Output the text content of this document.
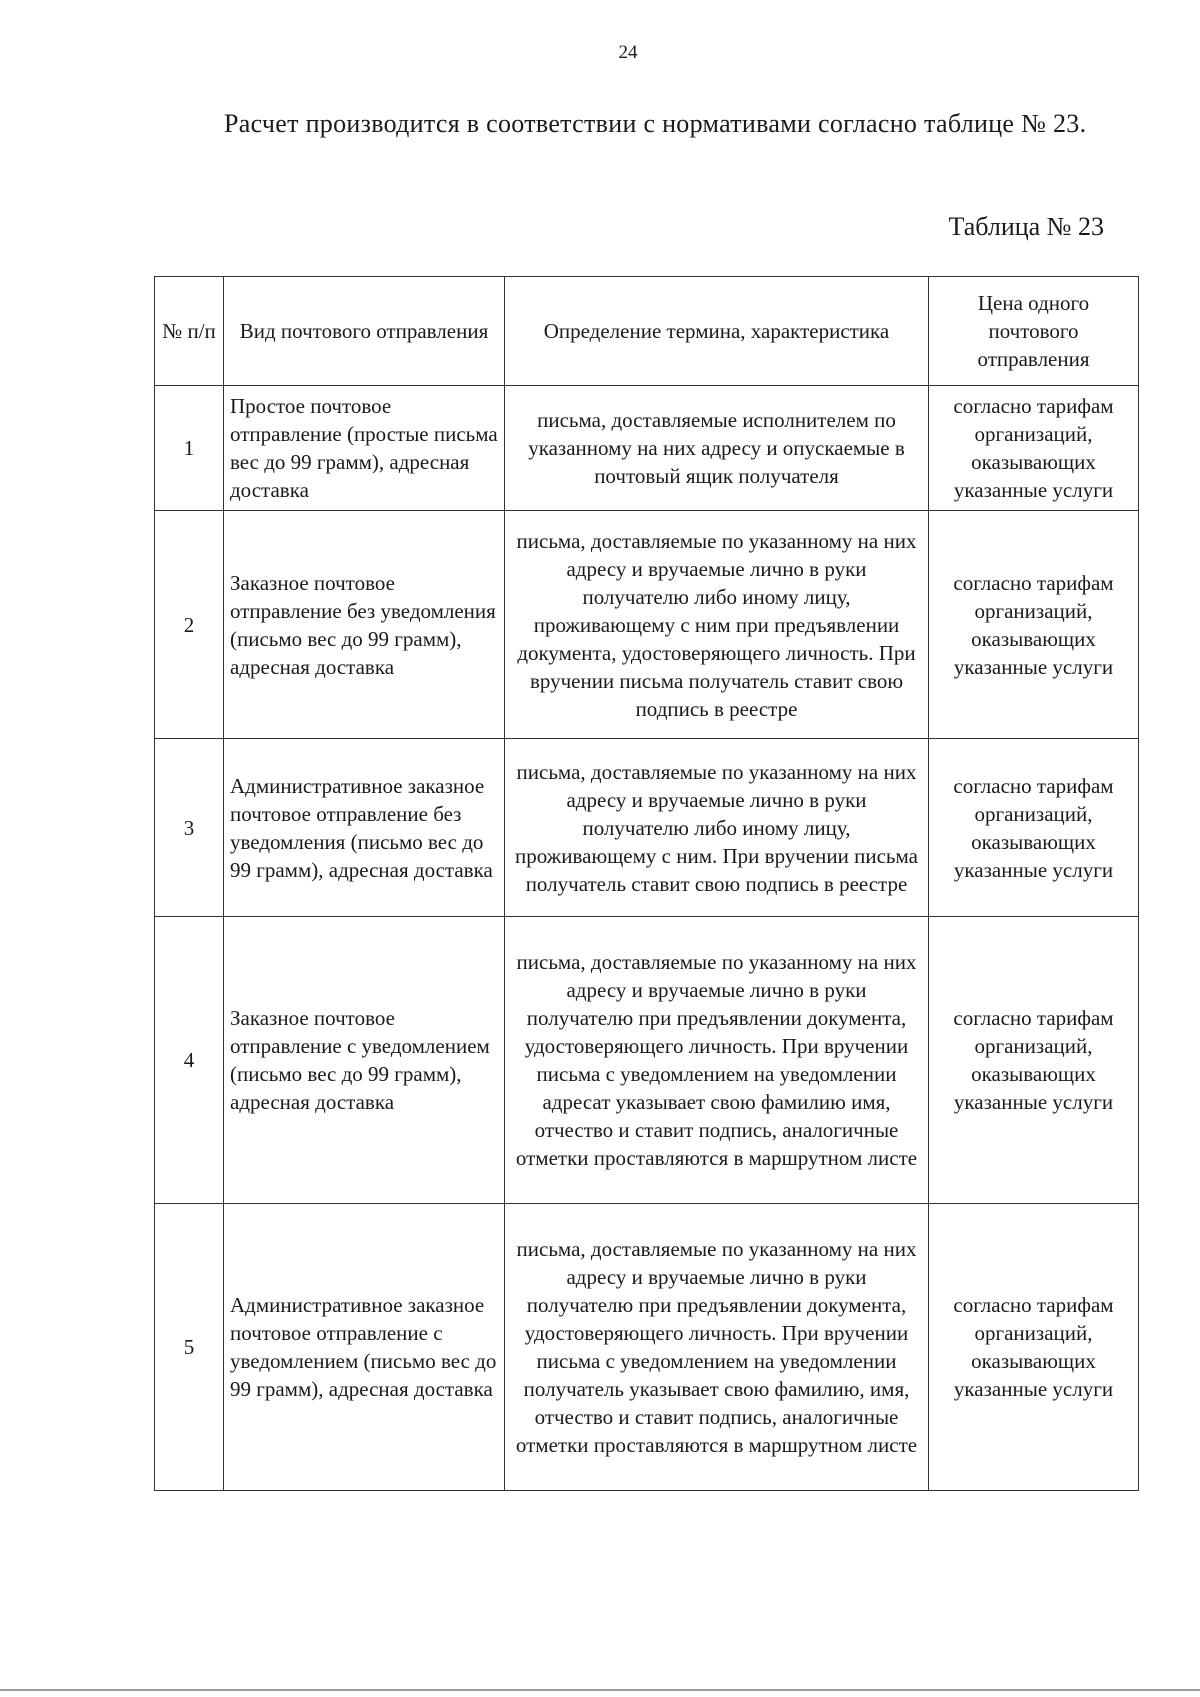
24

Расчет производится в соответствии с нормативами согласно таблице № 23.

Таблица № 23
№ п/п	Вид почтового отправления	Определение термина, характеристика	Цена одного почтового отправления
1	Простое почтовое отправление (простые письма вес до 99 грамм), адресная доставка	письма, доставляемые исполнителем по указанному на них адресу и опускаемые в почтовый ящик получателя	согласно тарифам организаций, оказывающих указанные услуги
2	Заказное почтовое отправление без уведомления (письмо вес до 99 грамм), адресная доставка	письма, доставляемые по указанному на них адресу и вручаемые лично в руки получателю либо иному лицу, проживающему с ним при предъявлении документа, удостоверяющего личность. При вручении письма получатель ставит свою подпись в реестре	согласно тарифам организаций, оказывающих указанные услуги
3	Административное заказное почтовое отправление без уведомления (письмо вес до 99 грамм), адресная доставка	письма, доставляемые по указанному на них адресу и вручаемые лично в руки получателю либо иному лицу, проживающему с ним. При вручении письма получатель ставит свою подпись в реестре	согласно тарифам организаций, оказывающих указанные услуги
4	Заказное почтовое отправление с уведомлением (письмо вес до 99 грамм), адресная доставка	письма, доставляемые по указанному на них адресу и вручаемые лично в руки получателю при предъявлении документа, удостоверяющего личность. При вручении письма с уведомлением на уведомлении адресат указывает свою фамилию имя, отчество и ставит подпись, аналогичные отметки проставляются в маршрутном листе	согласно тарифам организаций, оказывающих указанные услуги
5	Административное заказное почтовое отправление с уведомлением (письмо вес до 99 грамм), адресная доставка	письма, доставляемые по указанному на них адресу и вручаемые лично в руки получателю при предъявлении документа, удостоверяющего личность. При вручении письма с уведомлением на уведомлении получатель указывает свою фамилию, имя, отчество и ставит подпись, аналогичные отметки проставляются в маршрутном листе	согласно тарифам организаций, оказывающих указанные услуги
